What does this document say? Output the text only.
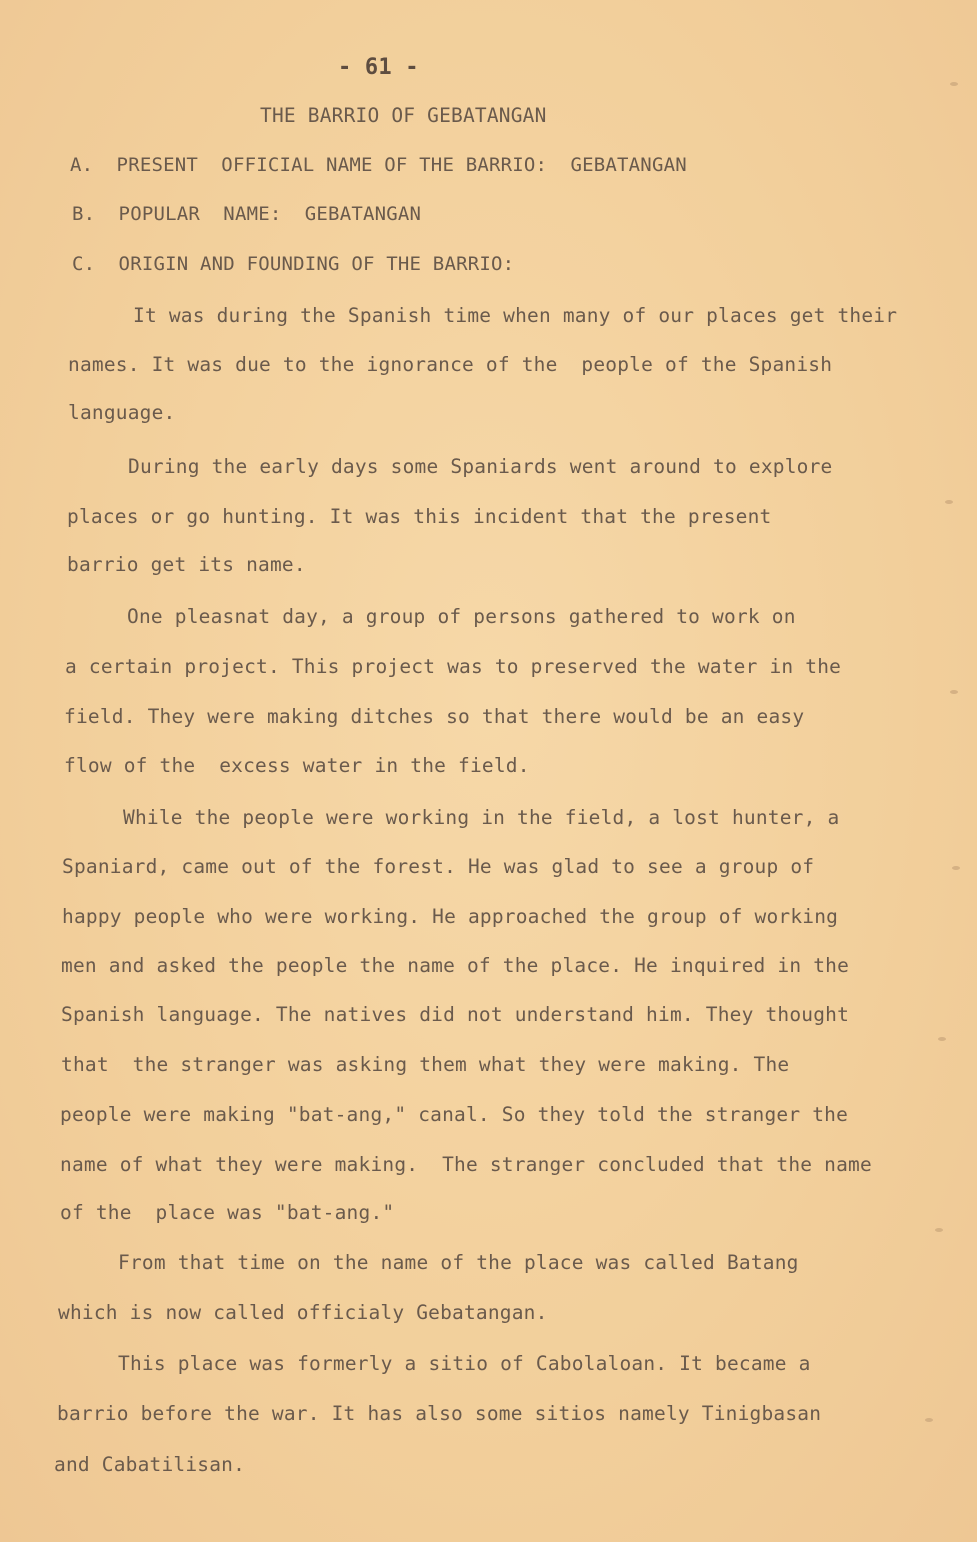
- 61 -
THE BARRIO OF GEBATANGAN
A.  PRESENT  OFFICIAL NAME OF THE BARRIO:  GEBATANGAN
B.  POPULAR  NAME:  GEBATANGAN
C.  ORIGIN AND FOUNDING OF THE BARRIO:
It was during the Spanish time when many of our places get their
names. It was due to the ignorance of the  people of the Spanish
language.
During the early days some Spaniards went around to explore
places or go hunting. It was this incident that the present
barrio get its name.
One pleasnat day, a group of persons gathered to work on
a certain project. This project was to preserved the water in the
field. They were making ditches so that there would be an easy
flow of the  excess water in the field.
While the people were working in the field, a lost hunter, a
Spaniard, came out of the forest. He was glad to see a group of
happy people who were working. He approached the group of working
men and asked the people the name of the place. He inquired in the
Spanish language. The natives did not understand him. They thought
that  the stranger was asking them what they were making. The
people were making "bat-ang," canal. So they told the stranger the
name of what they were making.  The stranger concluded that the name
of the  place was "bat-ang."
From that time on the name of the place was called Batang
which is now called officialy Gebatangan.
This place was formerly a sitio of Cabolaloan. It became a
barrio before the war. It has also some sitios namely Tinigbasan
and Cabatilisan.
